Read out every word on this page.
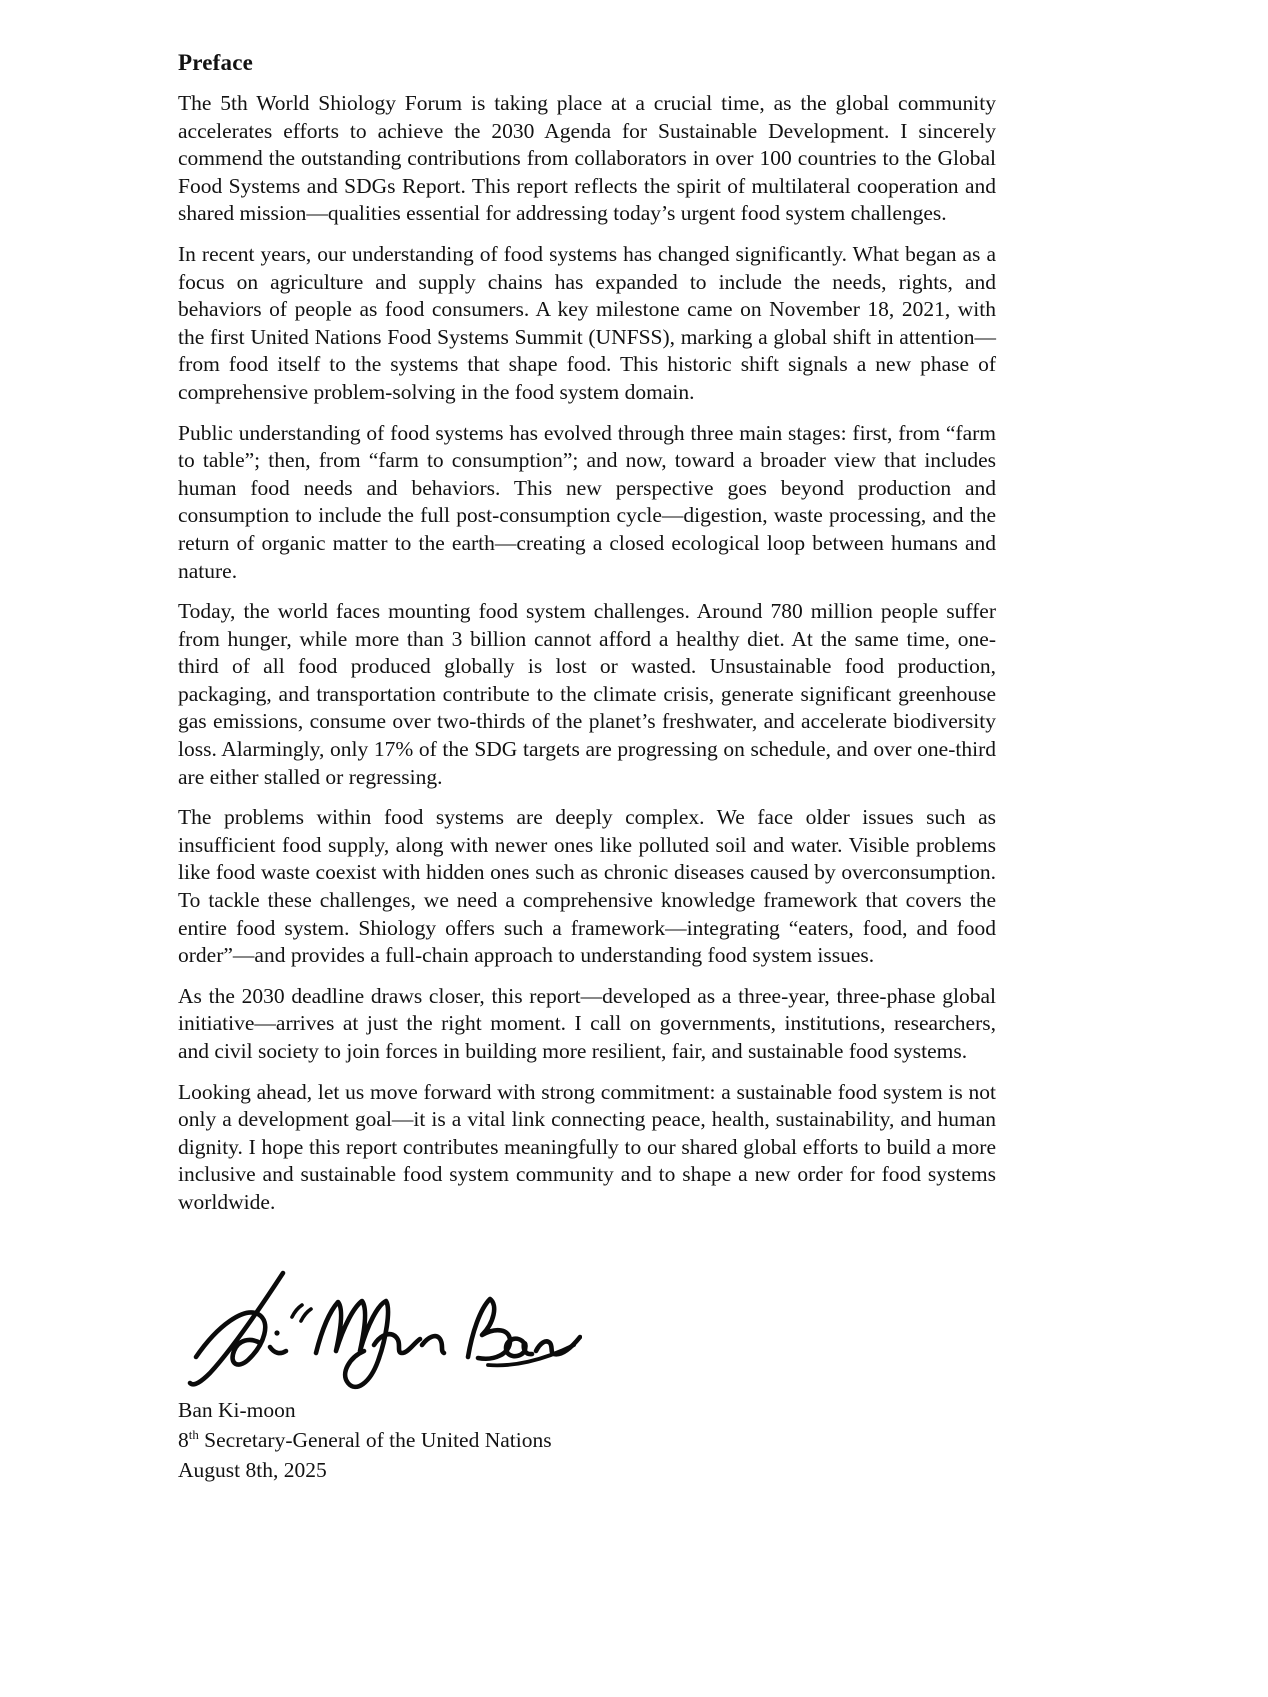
Preface

The 5th World Shiology Forum is taking place at a crucial time, as the global community accelerates efforts to achieve the 2030 Agenda for Sustainable Development. I sincerely commend the outstanding contributions from collaborators in over 100 countries to the Global Food Systems and SDGs Report. This report reflects the spirit of multilateral cooperation and shared mission—qualities essential for addressing today’s urgent food system challenges.

In recent years, our understanding of food systems has changed significantly. What began as a focus on agriculture and supply chains has expanded to include the needs, rights, and behaviors of people as food consumers. A key milestone came on November 18, 2021, with the first United Nations Food Systems Summit (UNFSS), marking a global shift in attention—from food itself to the systems that shape food. This historic shift signals a new phase of comprehensive problem-solving in the food system domain.

Public understanding of food systems has evolved through three main stages: first, from “farm to table”; then, from “farm to consumption”; and now, toward a broader view that includes human food needs and behaviors. This new perspective goes beyond production and consumption to include the full post-consumption cycle—digestion, waste processing, and the return of organic matter to the earth—creating a closed ecological loop between humans and nature.

Today, the world faces mounting food system challenges. Around 780 million people suffer from hunger, while more than 3 billion cannot afford a healthy diet. At the same time, one-third of all food produced globally is lost or wasted. Unsustainable food production, packaging, and transportation contribute to the climate crisis, generate significant greenhouse gas emissions, consume over two-thirds of the planet’s freshwater, and accelerate biodiversity loss. Alarmingly, only 17% of the SDG targets are progressing on schedule, and over one-third are either stalled or regressing.

The problems within food systems are deeply complex. We face older issues such as insufficient food supply, along with newer ones like polluted soil and water. Visible problems like food waste coexist with hidden ones such as chronic diseases caused by overconsumption. To tackle these challenges, we need a comprehensive knowledge framework that covers the entire food system. Shiology offers such a framework—integrating “eaters, food, and food order”—and provides a full-chain approach to understanding food system issues.

As the 2030 deadline draws closer, this report—developed as a three-year, three-phase global initiative—arrives at just the right moment. I call on governments, institutions, researchers, and civil society to join forces in building more resilient, fair, and sustainable food systems.

Looking ahead, let us move forward with strong commitment: a sustainable food system is not only a development goal—it is a vital link connecting peace, health, sustainability, and human dignity. I hope this report contributes meaningfully to our shared global efforts to build a more inclusive and sustainable food system community and to shape a new order for food systems worldwide.

Ban Ki-moon
8th Secretary-General of the United Nations
August 8th, 2025
